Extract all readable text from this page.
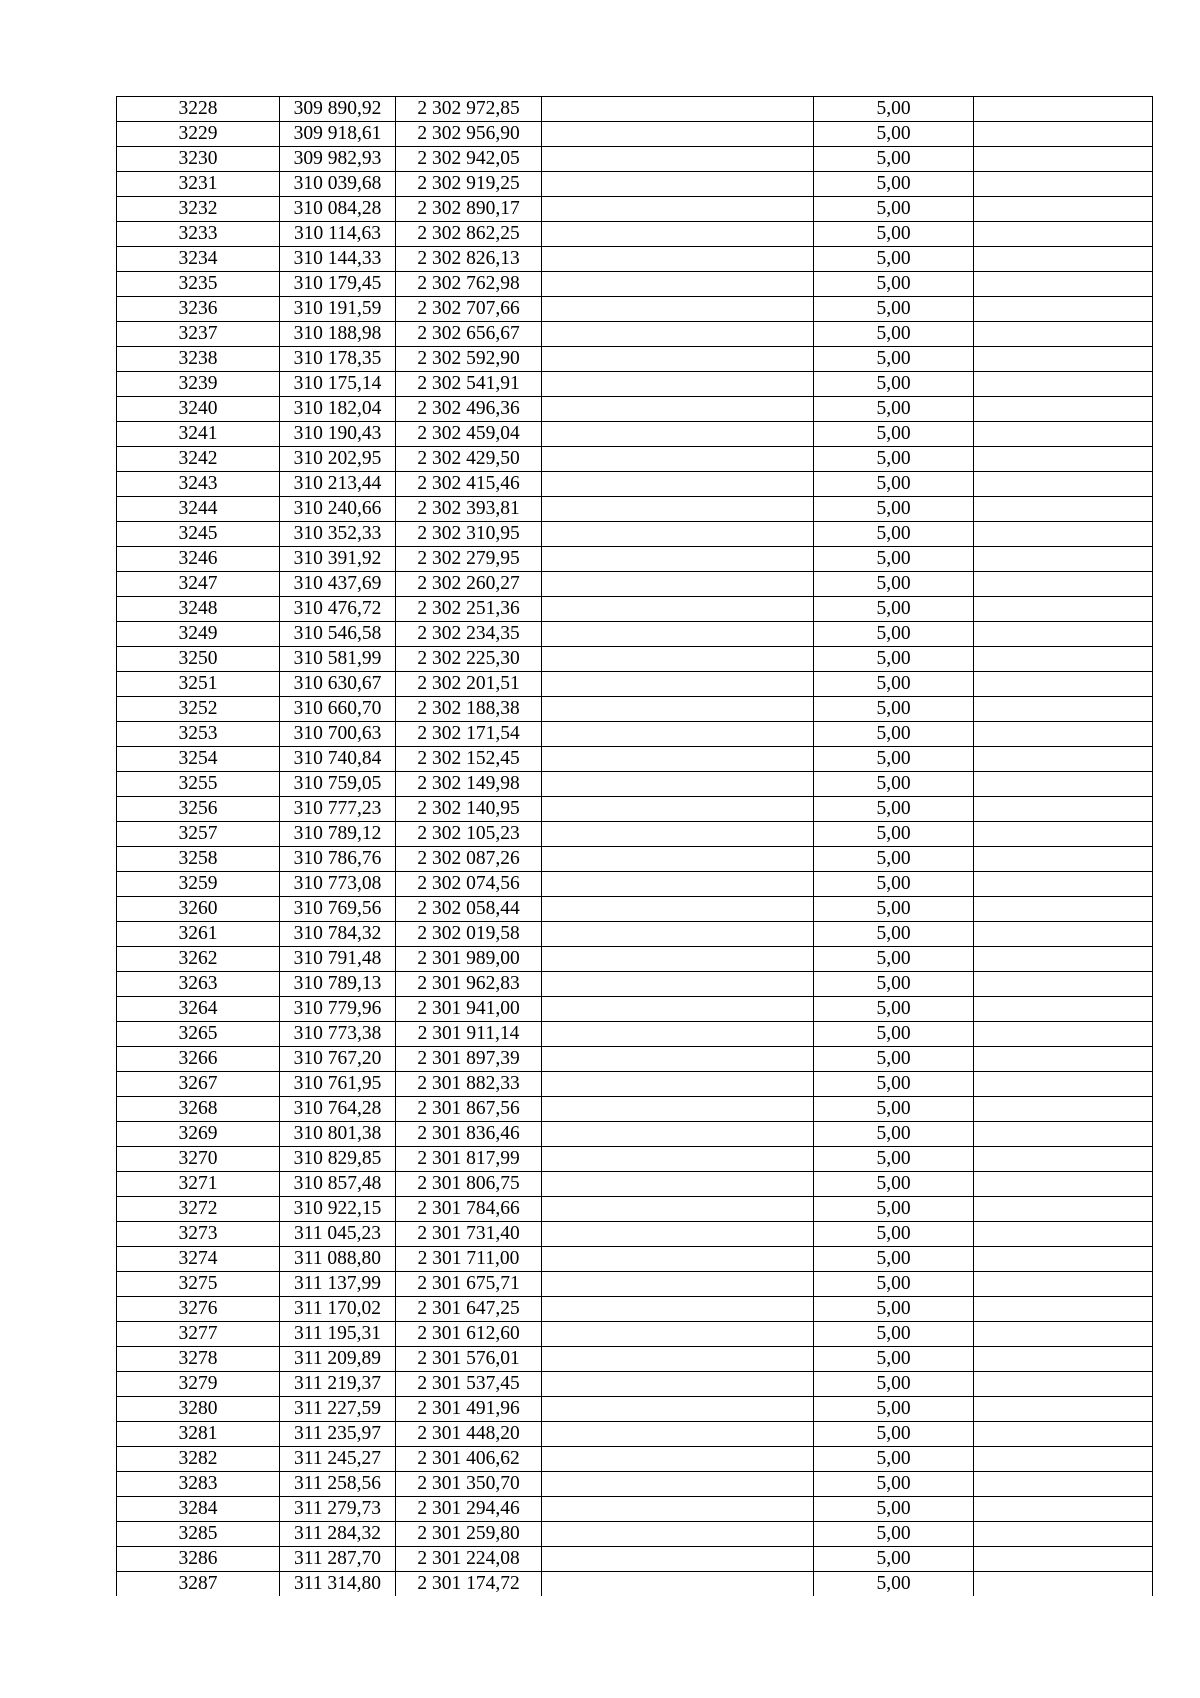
3228	309 890,92	2 302 972,85		5,00	
3229	309 918,61	2 302 956,90		5,00	
3230	309 982,93	2 302 942,05		5,00	
3231	310 039,68	2 302 919,25		5,00	
3232	310 084,28	2 302 890,17		5,00	
3233	310 114,63	2 302 862,25		5,00	
3234	310 144,33	2 302 826,13		5,00	
3235	310 179,45	2 302 762,98		5,00	
3236	310 191,59	2 302 707,66		5,00	
3237	310 188,98	2 302 656,67		5,00	
3238	310 178,35	2 302 592,90		5,00	
3239	310 175,14	2 302 541,91		5,00	
3240	310 182,04	2 302 496,36		5,00	
3241	310 190,43	2 302 459,04		5,00	
3242	310 202,95	2 302 429,50		5,00	
3243	310 213,44	2 302 415,46		5,00	
3244	310 240,66	2 302 393,81		5,00	
3245	310 352,33	2 302 310,95		5,00	
3246	310 391,92	2 302 279,95		5,00	
3247	310 437,69	2 302 260,27		5,00	
3248	310 476,72	2 302 251,36		5,00	
3249	310 546,58	2 302 234,35		5,00	
3250	310 581,99	2 302 225,30		5,00	
3251	310 630,67	2 302 201,51		5,00	
3252	310 660,70	2 302 188,38		5,00	
3253	310 700,63	2 302 171,54		5,00	
3254	310 740,84	2 302 152,45		5,00	
3255	310 759,05	2 302 149,98		5,00	
3256	310 777,23	2 302 140,95		5,00	
3257	310 789,12	2 302 105,23		5,00	
3258	310 786,76	2 302 087,26		5,00	
3259	310 773,08	2 302 074,56		5,00	
3260	310 769,56	2 302 058,44		5,00	
3261	310 784,32	2 302 019,58		5,00	
3262	310 791,48	2 301 989,00		5,00	
3263	310 789,13	2 301 962,83		5,00	
3264	310 779,96	2 301 941,00		5,00	
3265	310 773,38	2 301 911,14		5,00	
3266	310 767,20	2 301 897,39		5,00	
3267	310 761,95	2 301 882,33		5,00	
3268	310 764,28	2 301 867,56		5,00	
3269	310 801,38	2 301 836,46		5,00	
3270	310 829,85	2 301 817,99		5,00	
3271	310 857,48	2 301 806,75		5,00	
3272	310 922,15	2 301 784,66		5,00	
3273	311 045,23	2 301 731,40		5,00	
3274	311 088,80	2 301 711,00		5,00	
3275	311 137,99	2 301 675,71		5,00	
3276	311 170,02	2 301 647,25		5,00	
3277	311 195,31	2 301 612,60		5,00	
3278	311 209,89	2 301 576,01		5,00	
3279	311 219,37	2 301 537,45		5,00	
3280	311 227,59	2 301 491,96		5,00	
3281	311 235,97	2 301 448,20		5,00	
3282	311 245,27	2 301 406,62		5,00	
3283	311 258,56	2 301 350,70		5,00	
3284	311 279,73	2 301 294,46		5,00	
3285	311 284,32	2 301 259,80		5,00	
3286	311 287,70	2 301 224,08		5,00	
3287	311 314,80	2 301 174,72		5,00	
